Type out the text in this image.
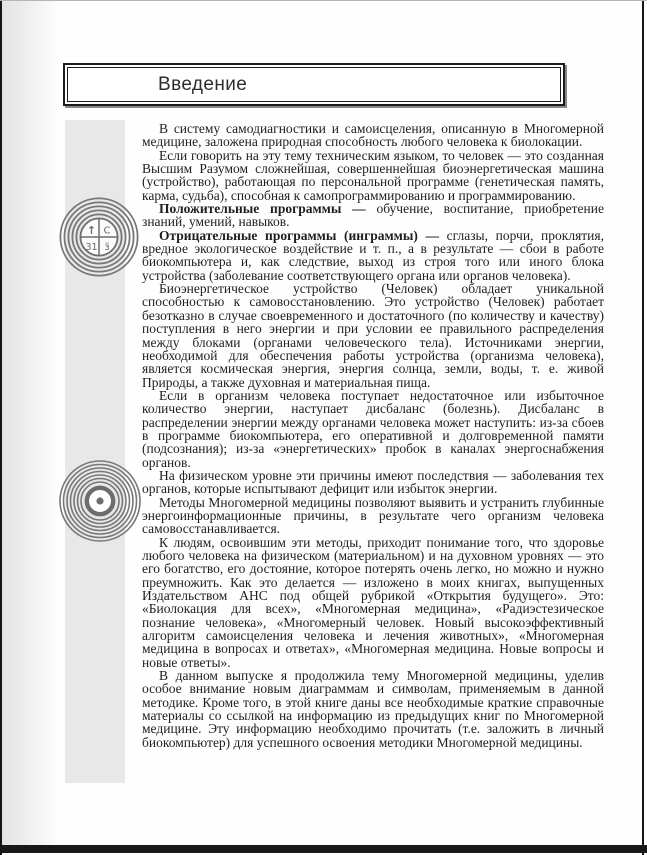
Введение
↑ C
31 з̃

В систему самодиагностики и самоисцеления, описанную в Многомерной медицине, заложена природная способность любого человека к биолокации.

Если говорить на эту тему техническим языком, то человек — это созданная Высшим Разумом сложнейшая, совершеннейшая биоэнергетическая машина (устройство), работающая по персональной программе (генетическая память, карма, судьба), способная к самопрограммированию и программированию.

Положительные программы — обучение, воспитание, приобретение знаний, умений, навыков.

Отрицательные программы (инграммы) — сглазы, порчи, проклятия, вредное экологическое воздействие и т. п., а в результате — сбои в работе биокомпьютера и, как следствие, выход из строя того или иного блока устройства (заболевание соответствующего органа или органов человека).

Биоэнергетическое устройство (Человек) обладает уникальной способностью к самовосстановлению. Это устройство (Человек) работает безотказно в случае своевременного и достаточного (по количеству и качеству) поступления в него энергии и при условии ее правильного распределения между блоками (органами человеческого тела). Источниками энергии, необходимой для обеспечения работы устройства (организма человека), является космическая энергия, энергия солнца, земли, воды, т. е. живой Природы, а также духовная и материальная пища.

Если в организм человека поступает недостаточное или избыточное количество энергии, наступает дисбаланс (болезнь). Дисбаланс в распределении энергии между органами человека может наступить: из-за сбоев в программе биокомпьютера, его оперативной и долговременной памяти (подсознания); из-за «энергетических» пробок в каналах энергоснабжения органов.

На физическом уровне эти причины имеют последствия — заболевания тех органов, которые испытывают дефицит или избыток энергии.

Методы Многомерной медицины позволяют выявить и устранить глубинные энергоинформационные причины, в результате чего организм человека самовосстанавливается.

К людям, освоившим эти методы, приходит понимание того, что здоровье любого человека на физическом (материальном) и на духовном уровнях — это его богатство, его достояние, которое потерять очень легко, но можно и нужно преумножить. Как это делается — изложено в моих книгах, выпущенных Издательством АНС под общей рубрикой «Открытия будущего». Это: «Биолокация для всех», «Многомерная медицина», «Радиэстезическое познание человека», «Многомерный человек. Новый высокоэффективный алгоритм самоисцеления человека и лечения животных», «Многомерная медицина в вопросах и ответах», «Многомерная медицина. Новые вопросы и новые ответы».

В данном выпуске я продолжила тему Многомерной медицины, уделив особое внимание новым диаграммам и символам, применяемым в данной методике. Кроме того, в этой книге даны все необходимые краткие справочные материалы со ссылкой на информацию из предыдущих книг по Многомерной медицине. Эту информацию необходимо прочитать (т.е. заложить в личный биокомпьютер) для успешного освоения методики Многомерной медицины.
